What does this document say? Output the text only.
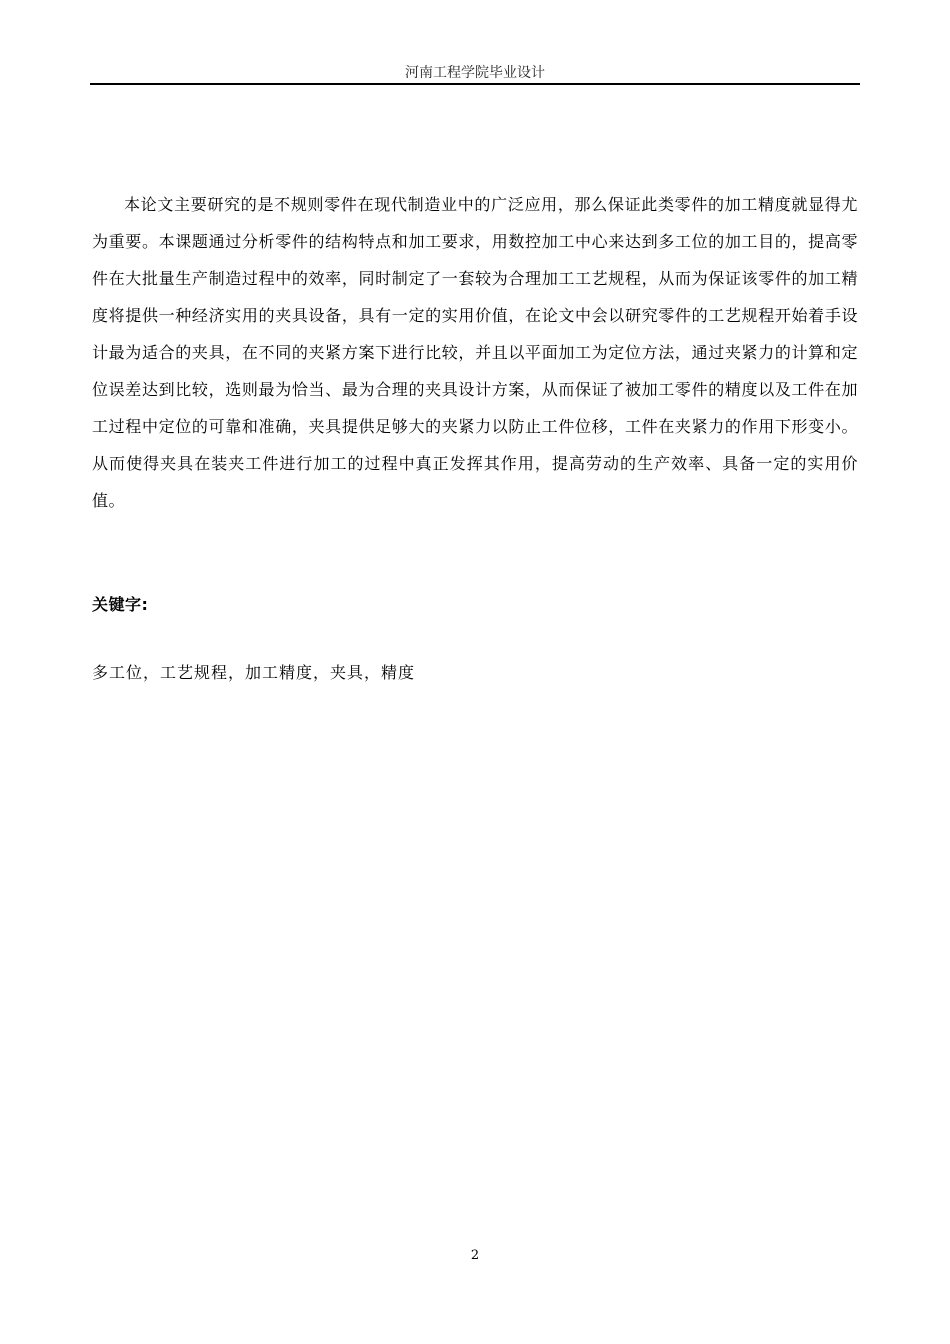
河南工程学院毕业设计

本论文主要研究的是不规则零件在现代制造业中的广泛应用，那么保证此类零件的加工精度就显得尤为重要。本课题通过分析零件的结构特点和加工要求，用数控加工中心来达到多工位的加工目的，提高零件在大批量生产制造过程中的效率，同时制定了一套较为合理加工工艺规程，从而为保证该零件的加工精度将提供一种经济实用的夹具设备，具有一定的实用价值，在论文中会以研究零件的工艺规程开始着手设计最为适合的夹具，在不同的夹紧方案下进行比较，并且以平面加工为定位方法，通过夹紧力的计算和定位误差达到比较，选则最为恰当、最为合理的夹具设计方案，从而保证了被加工零件的精度以及工件在加工过程中定位的可靠和准确，夹具提供足够大的夹紧力以防止工件位移，工件在夹紧力的作用下形变小。从而使得夹具在装夹工件进行加工的过程中真正发挥其作用，提高劳动的生产效率、具备一定的实用价值。

关键字:
多工位，工艺规程，加工精度，夹具，精度
2
